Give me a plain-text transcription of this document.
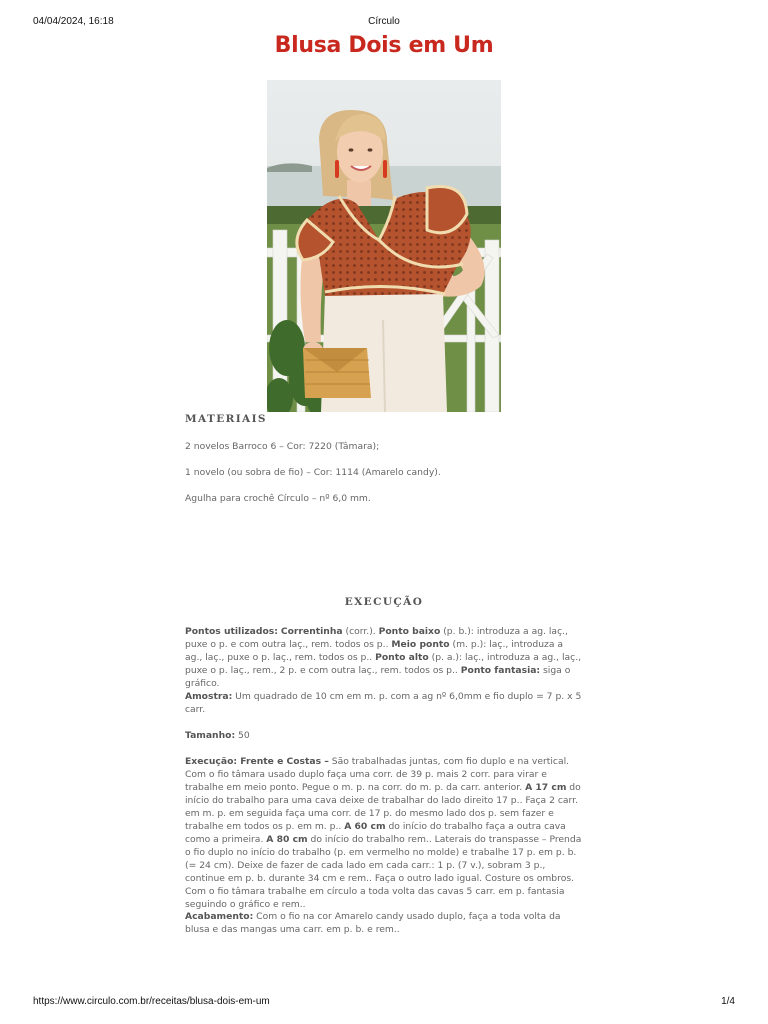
04/04/2024, 16:18	Círculo
Blusa Dois em Um
MATERIAIS

2 novelos Barroco 6 – Cor: 7220 (Tâmara);

1 novelo (ou sobra de fio) – Cor: 1114 (Amarelo candy).

Agulha para crochê Círculo – nº 6,0 mm.

EXECUÇÃO

Pontos utilizados: Correntinha (corr.). Ponto baixo (p. b.): introduza a ag. laç., puxe o p. e com outra laç., rem. todos os p.. Meio ponto (m. p.): laç., introduza a ag., laç., puxe o p. laç., rem. todos os p.. Ponto alto (p. a.): laç., introduza a ag., laç., puxe o p. laç., rem., 2 p. e com outra laç., rem. todos os p.. Ponto fantasia: siga o gráfico.

Amostra: Um quadrado de 10 cm em m. p. com a ag nº 6,0mm e fio duplo = 7 p. x 5 carr.

Tamanho: 50

Execução: Frente e Costas – São trabalhadas juntas, com fio duplo e na vertical. Com o fio tâmara usado duplo faça uma corr. de 39 p. mais 2 corr. para virar e trabalhe em meio ponto. Pegue o m. p. na corr. do m. p. da carr. anterior. A 17 cm do início do trabalho para uma cava deixe de trabalhar do lado direito 17 p.. Faça 2 carr. em m. p. em seguida faça uma corr. de 17 p. do mesmo lado dos p. sem fazer e trabalhe em todos os p. em m. p.. A 60 cm do início do trabalho faça a outra cava como a primeira. A 80 cm do início do trabalho rem.. Laterais do transpasse – Prenda o fio duplo no início do trabalho (p. em vermelho no molde) e trabalhe 17 p. em p. b. (= 24 cm). Deixe de fazer de cada lado em cada carr.: 1 p. (7 v.), sobram 3 p., continue em p. b. durante 34 cm e rem.. Faça o outro lado igual. Costure os ombros. Com o fio tâmara trabalhe em círculo a toda volta das cavas 5 carr. em p. fantasia seguindo o gráfico e rem..

Acabamento: Com o fio na cor Amarelo candy usado duplo, faça a toda volta da blusa e das mangas uma carr. em p. b. e rem..

https://www.circulo.com.br/receitas/blusa-dois-em-um	1/4
